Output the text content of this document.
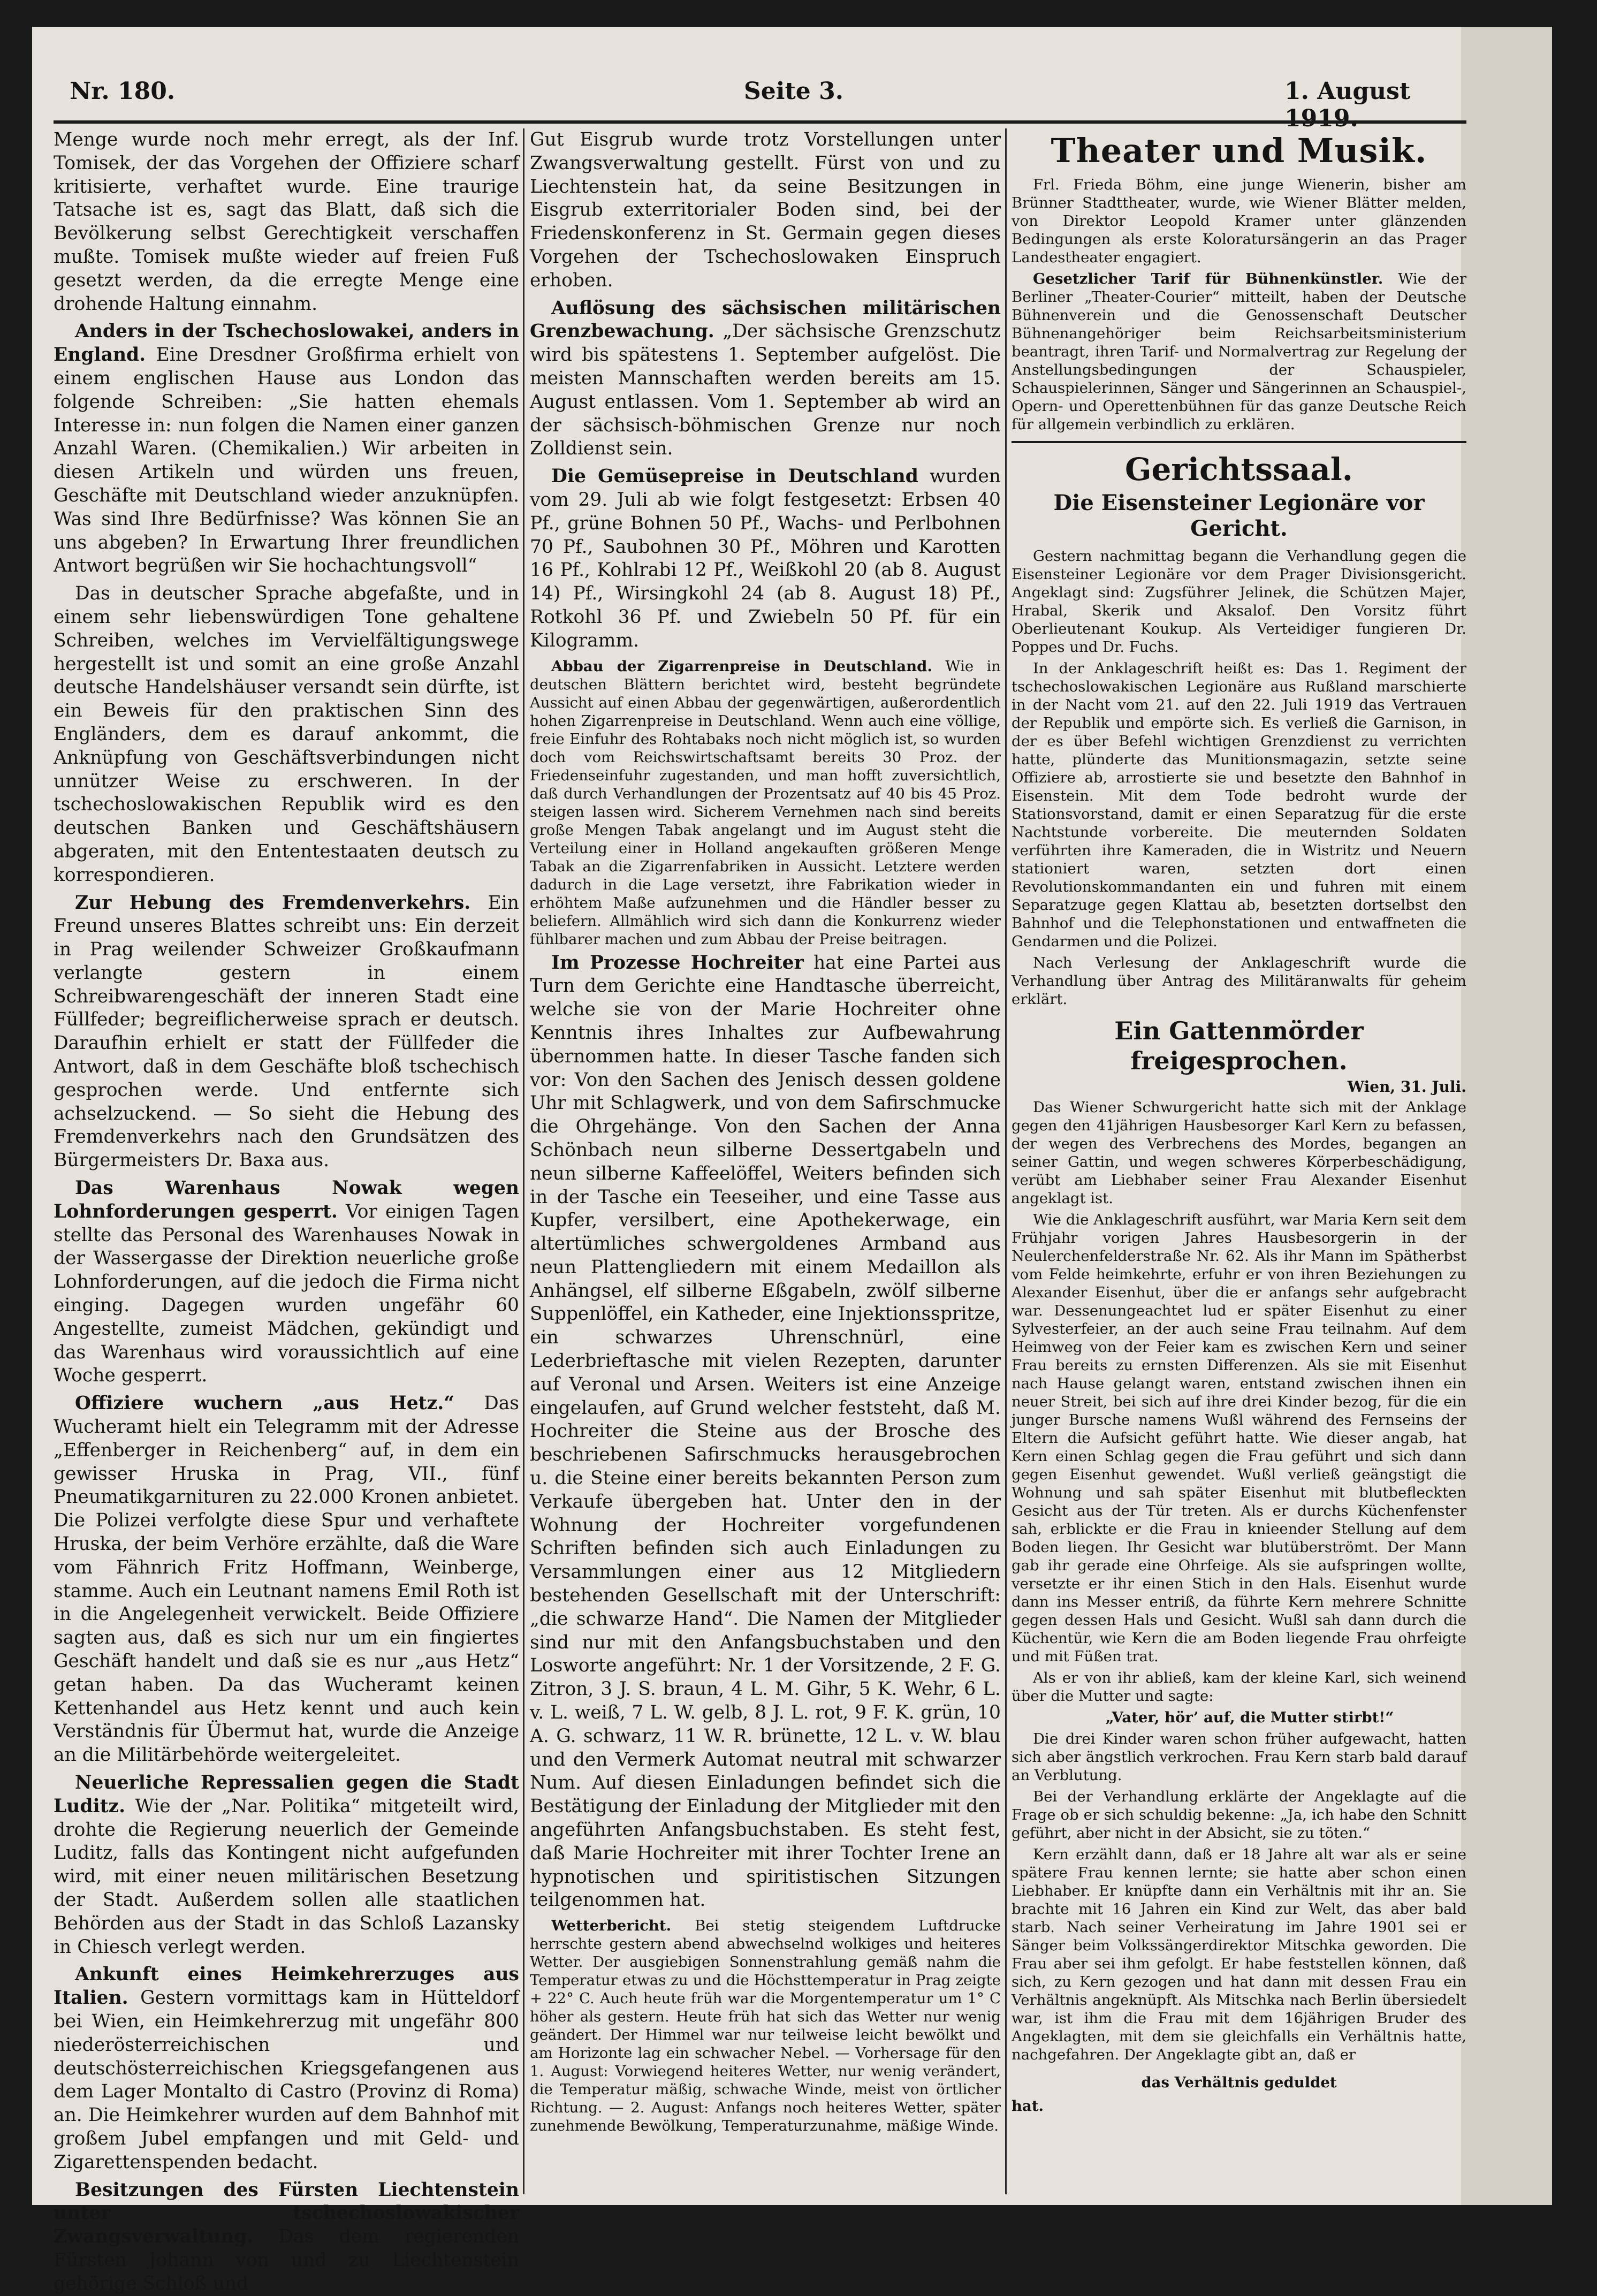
Nr. 180.	Seite 3.	1. August 1919.

Menge wurde noch mehr erregt, als der Inf. Tomisek, der das Vorgehen der Offiziere scharf kritisierte, verhaftet wurde. Eine traurige Tatsache ist es, sagt das Blatt, daß sich die Bevölkerung selbst Gerechtigkeit verschaffen mußte. Tomisek mußte wieder auf freien Fuß gesetzt werden, da die erregte Menge eine drohende Haltung einnahm.

Anders in der Tschechoslowakei, anders in England. Eine Dresdner Großfirma erhielt von einem englischen Hause aus London das folgende Schreiben: „Sie hatten ehemals Interesse in: nun folgen die Namen einer ganzen Anzahl Waren. (Chemikalien.) Wir arbeiten in diesen Artikeln und würden uns freuen, Geschäfte mit Deutschland wieder anzuknüpfen. Was sind Ihre Bedürfnisse? Was können Sie an uns abgeben? In Erwartung Ihrer freundlichen Antwort begrüßen wir Sie hochachtungsvoll“

Das in deutscher Sprache abgefaßte, und in einem sehr liebenswürdigen Tone gehaltene Schreiben, welches im Vervielfältigungswege hergestellt ist und somit an eine große Anzahl deutsche Handelshäuser versandt sein dürfte, ist ein Beweis für den praktischen Sinn des Engländers, dem es darauf ankommt, die Anknüpfung von Geschäftsverbindungen nicht unnützer Weise zu erschweren. In der tschechoslowakischen Republik wird es den deutschen Banken und Geschäftshäusern abgeraten, mit den Ententestaaten deutsch zu korrespondieren.

Zur Hebung des Fremdenverkehrs. Ein Freund unseres Blattes schreibt uns: Ein derzeit in Prag weilender Schweizer Großkaufmann verlangte gestern in einem Schreibwarengeschäft der inneren Stadt eine Füllfeder; begreiflicherweise sprach er deutsch. Daraufhin erhielt er statt der Füllfeder die Antwort, daß in dem Geschäfte bloß tschechisch gesprochen werde. Und entfernte sich achselzuckend. — So sieht die Hebung des Fremdenverkehrs nach den Grundsätzen des Bürgermeisters Dr. Baxa aus.

Das Warenhaus Nowak wegen Lohnforderungen gesperrt. Vor einigen Tagen stellte das Personal des Warenhauses Nowak in der Wassergasse der Direktion neuerliche große Lohnforderungen, auf die jedoch die Firma nicht einging. Dagegen wurden ungefähr 60 Angestellte, zumeist Mädchen, gekündigt und das Warenhaus wird voraussichtlich auf eine Woche gesperrt.

Offiziere wuchern „aus Hetz.“ Das Wucheramt hielt ein Telegramm mit der Adresse „Effenberger in Reichenberg“ auf, in dem ein gewisser Hruska in Prag, VII., fünf Pneumatikgarnituren zu 22.000 Kronen anbietet. Die Polizei verfolgte diese Spur und verhaftete Hruska, der beim Verhöre erzählte, daß die Ware vom Fähnrich Fritz Hoffmann, Weinberge, stamme. Auch ein Leutnant namens Emil Roth ist in die Angelegenheit verwickelt. Beide Offiziere sagten aus, daß es sich nur um ein fingiertes Geschäft handelt und daß sie es nur „aus Hetz“ getan haben. Da das Wucheramt keinen Kettenhandel aus Hetz kennt und auch kein Verständnis für Übermut hat, wurde die Anzeige an die Militärbehörde weitergeleitet.

Neuerliche Repressalien gegen die Stadt Luditz. Wie der „Nar. Politika“ mitgeteilt wird, drohte die Regierung neuerlich der Gemeinde Luditz, falls das Kontingent nicht aufgefunden wird, mit einer neuen militärischen Besetzung der Stadt. Außerdem sollen alle staatlichen Behörden aus der Stadt in das Schloß Lazansky in Chiesch verlegt werden.

Ankunft eines Heimkehrerzuges aus Italien. Gestern vormittags kam in Hütteldorf bei Wien, ein Heimkehrerzug mit ungefähr 800 niederösterreichischen und deutschösterreichischen Kriegsgefangenen aus dem Lager Montalto di Castro (Provinz di Roma) an. Die Heimkehrer wurden auf dem Bahnhof mit großem Jubel empfangen und mit Geld- und Zigarettenspenden bedacht.

Besitzungen des Fürsten Liechtenstein unter tschechoslowakischer Zwangsverwaltung. Das dem regierenden Fürsten Johann von und zu Liechtenstein gehörige Schloß und

Gut Eisgrub wurde trotz Vorstellungen unter Zwangsverwaltung gestellt. Fürst von und zu Liechtenstein hat, da seine Besitzungen in Eisgrub exterritorialer Boden sind, bei der Friedenskonferenz in St. Germain gegen dieses Vorgehen der Tschechoslowaken Einspruch erhoben.

Auflösung des sächsischen militärischen Grenzbewachung. „Der sächsische Grenzschutz wird bis spätestens 1. September aufgelöst. Die meisten Mannschaften werden bereits am 15. August entlassen. Vom 1. September ab wird an der sächsisch-böhmischen Grenze nur noch Zolldienst sein.

Die Gemüsepreise in Deutschland wurden vom 29. Juli ab wie folgt festgesetzt: Erbsen 40 Pf., grüne Bohnen 50 Pf., Wachs- und Perlbohnen 70 Pf., Saubohnen 30 Pf., Möhren und Karotten 16 Pf., Kohlrabi 12 Pf., Weißkohl 20 (ab 8. August 14) Pf., Wirsingkohl 24 (ab 8. August 18) Pf., Rotkohl 36 Pf. und Zwiebeln 50 Pf. für ein Kilogramm.

Abbau der Zigarrenpreise in Deutschland. Wie in deutschen Blättern berichtet wird, besteht begründete Aussicht auf einen Abbau der gegenwärtigen, außerordentlich hohen Zigarrenpreise in Deutschland. Wenn auch eine völlige, freie Einfuhr des Rohtabaks noch nicht möglich ist, so wurden doch vom Reichswirtschaftsamt bereits 30 Proz. der Friedenseinfuhr zugestanden, und man hofft zuversichtlich, daß durch Verhandlungen der Prozentsatz auf 40 bis 45 Proz. steigen lassen wird. Sicherem Vernehmen nach sind bereits große Mengen Tabak angelangt und im August steht die Verteilung einer in Holland angekauften größeren Menge Tabak an die Zigarrenfabriken in Aussicht. Letztere werden dadurch in die Lage versetzt, ihre Fabrikation wieder in erhöhtem Maße aufzunehmen und die Händler besser zu beliefern. Allmählich wird sich dann die Konkurrenz wieder fühlbarer machen und zum Abbau der Preise beitragen.

Im Prozesse Hochreiter hat eine Partei aus Turn dem Gerichte eine Handtasche überreicht, welche sie von der Marie Hochreiter ohne Kenntnis ihres Inhaltes zur Aufbewahrung übernommen hatte. In dieser Tasche fanden sich vor: Von den Sachen des Jenisch dessen goldene Uhr mit Schlagwerk, und von dem Safirschmucke die Ohrgehänge. Von den Sachen der Anna Schönbach neun silberne Dessertgabeln und neun silberne Kaffeelöffel, Weiters befinden sich in der Tasche ein Teeseiher, und eine Tasse aus Kupfer, versilbert, eine Apothekerwage, ein altertümliches schwergoldenes Armband aus neun Plattengliedern mit einem Medaillon als Anhängsel, elf silberne Eßgabeln, zwölf silberne Suppenlöffel, ein Katheder, eine Injektionsspritze, ein schwarzes Uhrenschnürl, eine Lederbrieftasche mit vielen Rezepten, darunter auf Veronal und Arsen. Weiters ist eine Anzeige eingelaufen, auf Grund welcher feststeht, daß M. Hochreiter die Steine aus der Brosche des beschriebenen Safirschmucks herausgebrochen u. die Steine einer bereits bekannten Person zum Verkaufe übergeben hat. Unter den in der Wohnung der Hochreiter vorgefundenen Schriften befinden sich auch Einladungen zu Versammlungen einer aus 12 Mitgliedern bestehenden Gesellschaft mit der Unterschrift: „die schwarze Hand“. Die Namen der Mitglieder sind nur mit den Anfangsbuchstaben und den Losworte angeführt: Nr. 1 der Vorsitzende, 2 F. G. Zitron, 3 J. S. braun, 4 L. M. Gihr, 5 K. Wehr, 6 L. v. L. weiß, 7 L. W. gelb, 8 J. L. rot, 9 F. K. grün, 10 A. G. schwarz, 11 W. R. brünette, 12 L. v. W. blau und den Vermerk Automat neutral mit schwarzer Num. Auf diesen Einladungen befindet sich die Bestätigung der Einladung der Mitglieder mit den angeführten Anfangsbuchstaben. Es steht fest, daß Marie Hochreiter mit ihrer Tochter Irene an hypnotischen und spiritistischen Sitzungen teilgenommen hat.

Wetterbericht. Bei stetig steigendem Luftdrucke herrschte gestern abend abwechselnd wolkiges und heiteres Wetter. Der ausgiebigen Sonnenstrahlung gemäß nahm die Temperatur etwas zu und die Höchsttemperatur in Prag zeigte + 22° C. Auch heute früh war die Morgentemperatur um 1° C höher als gestern. Heute früh hat sich das Wetter nur wenig geändert. Der Himmel war nur teilweise leicht bewölkt und am Horizonte lag ein schwacher Nebel. — Vorhersage für den 1. August: Vorwiegend heiteres Wetter, nur wenig verändert, die Temperatur mäßig, schwache Winde, meist von örtlicher Richtung. — 2. August: Anfangs noch heiteres Wetter, später zunehmende Bewölkung, Temperaturzunahme, mäßige Winde.

Theater und Musik.

Frl. Frieda Böhm, eine junge Wienerin, bisher am Brünner Stadttheater, wurde, wie Wiener Blätter melden, von Direktor Leopold Kramer unter glänzenden Bedingungen als erste Koloratursängerin an das Prager Landestheater engagiert.

Gesetzlicher Tarif für Bühnenkünstler. Wie der Berliner „Theater-Courier“ mitteilt, haben der Deutsche Bühnenverein und die Genossenschaft Deutscher Bühnenangehöriger beim Reichsarbeitsministerium beantragt, ihren Tarif- und Normalvertrag zur Regelung der Anstellungsbedingungen der Schauspieler, Schauspielerinnen, Sänger und Sängerinnen an Schauspiel-, Opern- und Operettenbühnen für das ganze Deutsche Reich für allgemein verbindlich zu erklären.

Gerichtssaal.
Die Eisensteiner Legionäre vor Gericht.

Gestern nachmittag begann die Verhandlung gegen die Eisensteiner Legionäre vor dem Prager Divisionsgericht. Angeklagt sind: Zugsführer Jelinek, die Schützen Majer, Hrabal, Skerik und Aksalof. Den Vorsitz führt Oberlieutenant Koukup. Als Verteidiger fungieren Dr. Poppes und Dr. Fuchs.

In der Anklageschrift heißt es: Das 1. Regiment der tschechoslowakischen Legionäre aus Rußland marschierte in der Nacht vom 21. auf den 22. Juli 1919 das Vertrauen der Republik und empörte sich. Es verließ die Garnison, in der es über Befehl wichtigen Grenzdienst zu verrichten hatte, plünderte das Munitionsmagazin, setzte seine Offiziere ab, arrostierte sie und besetzte den Bahnhof in Eisenstein. Mit dem Tode bedroht wurde der Stationsvorstand, damit er einen Separatzug für die erste Nachtstunde vorbereite. Die meuternden Soldaten verführten ihre Kameraden, die in Wistritz und Neuern stationiert waren, setzten dort einen Revolutionskommandanten ein und fuhren mit einem Separatzuge gegen Klattau ab, besetzten dortselbst den Bahnhof und die Telephonstationen und entwaffneten die Gendarmen und die Polizei.

Nach Verlesung der Anklageschrift wurde die Verhandlung über Antrag des Militäranwalts für geheim erklärt.

Ein Gattenmörder freigesprochen.
Wien, 31. Juli.

Das Wiener Schwurgericht hatte sich mit der Anklage gegen den 41jährigen Hausbesorger Karl Kern zu befassen, der wegen des Verbrechens des Mordes, begangen an seiner Gattin, und wegen schweres Körperbeschädigung, verübt am Liebhaber seiner Frau Alexander Eisenhut angeklagt ist.

Wie die Anklageschrift ausführt, war Maria Kern seit dem Frühjahr vorigen Jahres Hausbesorgerin in der Neulerchenfelderstraße Nr. 62. Als ihr Mann im Spätherbst vom Felde heimkehrte, erfuhr er von ihren Beziehungen zu Alexander Eisenhut, über die er anfangs sehr aufgebracht war. Dessenungeachtet lud er später Eisenhut zu einer Sylvesterfeier, an der auch seine Frau teilnahm. Auf dem Heimweg von der Feier kam es zwischen Kern und seiner Frau bereits zu ernsten Differenzen. Als sie mit Eisenhut nach Hause gelangt waren, entstand zwischen ihnen ein neuer Streit, bei sich auf ihre drei Kinder bezog, für die ein junger Bursche namens Wußl während des Fernseins der Eltern die Aufsicht geführt hatte. Wie dieser angab, hat Kern einen Schlag gegen die Frau geführt und sich dann gegen Eisenhut gewendet. Wußl verließ geängstigt die Wohnung und sah später Eisenhut mit blutbefleckten Gesicht aus der Tür treten. Als er durchs Küchenfenster sah, erblickte er die Frau in knieender Stellung auf dem Boden liegen. Ihr Gesicht war blutüberströmt. Der Mann gab ihr gerade eine Ohrfeige. Als sie aufspringen wollte, versetzte er ihr einen Stich in den Hals. Eisenhut wurde dann ins Messer entriß, da führte Kern mehrere Schnitte gegen dessen Hals und Gesicht. Wußl sah dann durch die Küchentür, wie Kern die am Boden liegende Frau ohrfeigte und mit Füßen trat.

Als er von ihr abließ, kam der kleine Karl, sich weinend über die Mutter und sagte:

„Vater, hör’ auf, die Mutter stirbt!“

Die drei Kinder waren schon früher aufgewacht, hatten sich aber ängstlich verkrochen. Frau Kern starb bald darauf an Verblutung.

Bei der Verhandlung erklärte der Angeklagte auf die Frage ob er sich schuldig bekenne: „Ja, ich habe den Schnitt geführt, aber nicht in der Absicht, sie zu töten.“

Kern erzählt dann, daß er 18 Jahre alt war als er seine spätere Frau kennen lernte; sie hatte aber schon einen Liebhaber. Er knüpfte dann ein Verhältnis mit ihr an. Sie brachte mit 16 Jahren ein Kind zur Welt, das aber bald starb. Nach seiner Verheiratung im Jahre 1901 sei er Sänger beim Volkssängerdirektor Mitschka geworden. Die Frau aber sei ihm gefolgt. Er habe feststellen können, daß sich, zu Kern gezogen und hat dann mit dessen Frau ein Verhältnis angeknüpft. Als Mitschka nach Berlin übersiedelt war, ist ihm die Frau mit dem 16jährigen Bruder des Angeklagten, mit dem sie gleichfalls ein Verhältnis hatte, nachgefahren. Der Angeklagte gibt an, daß er

das Verhältnis geduldet
hat.
